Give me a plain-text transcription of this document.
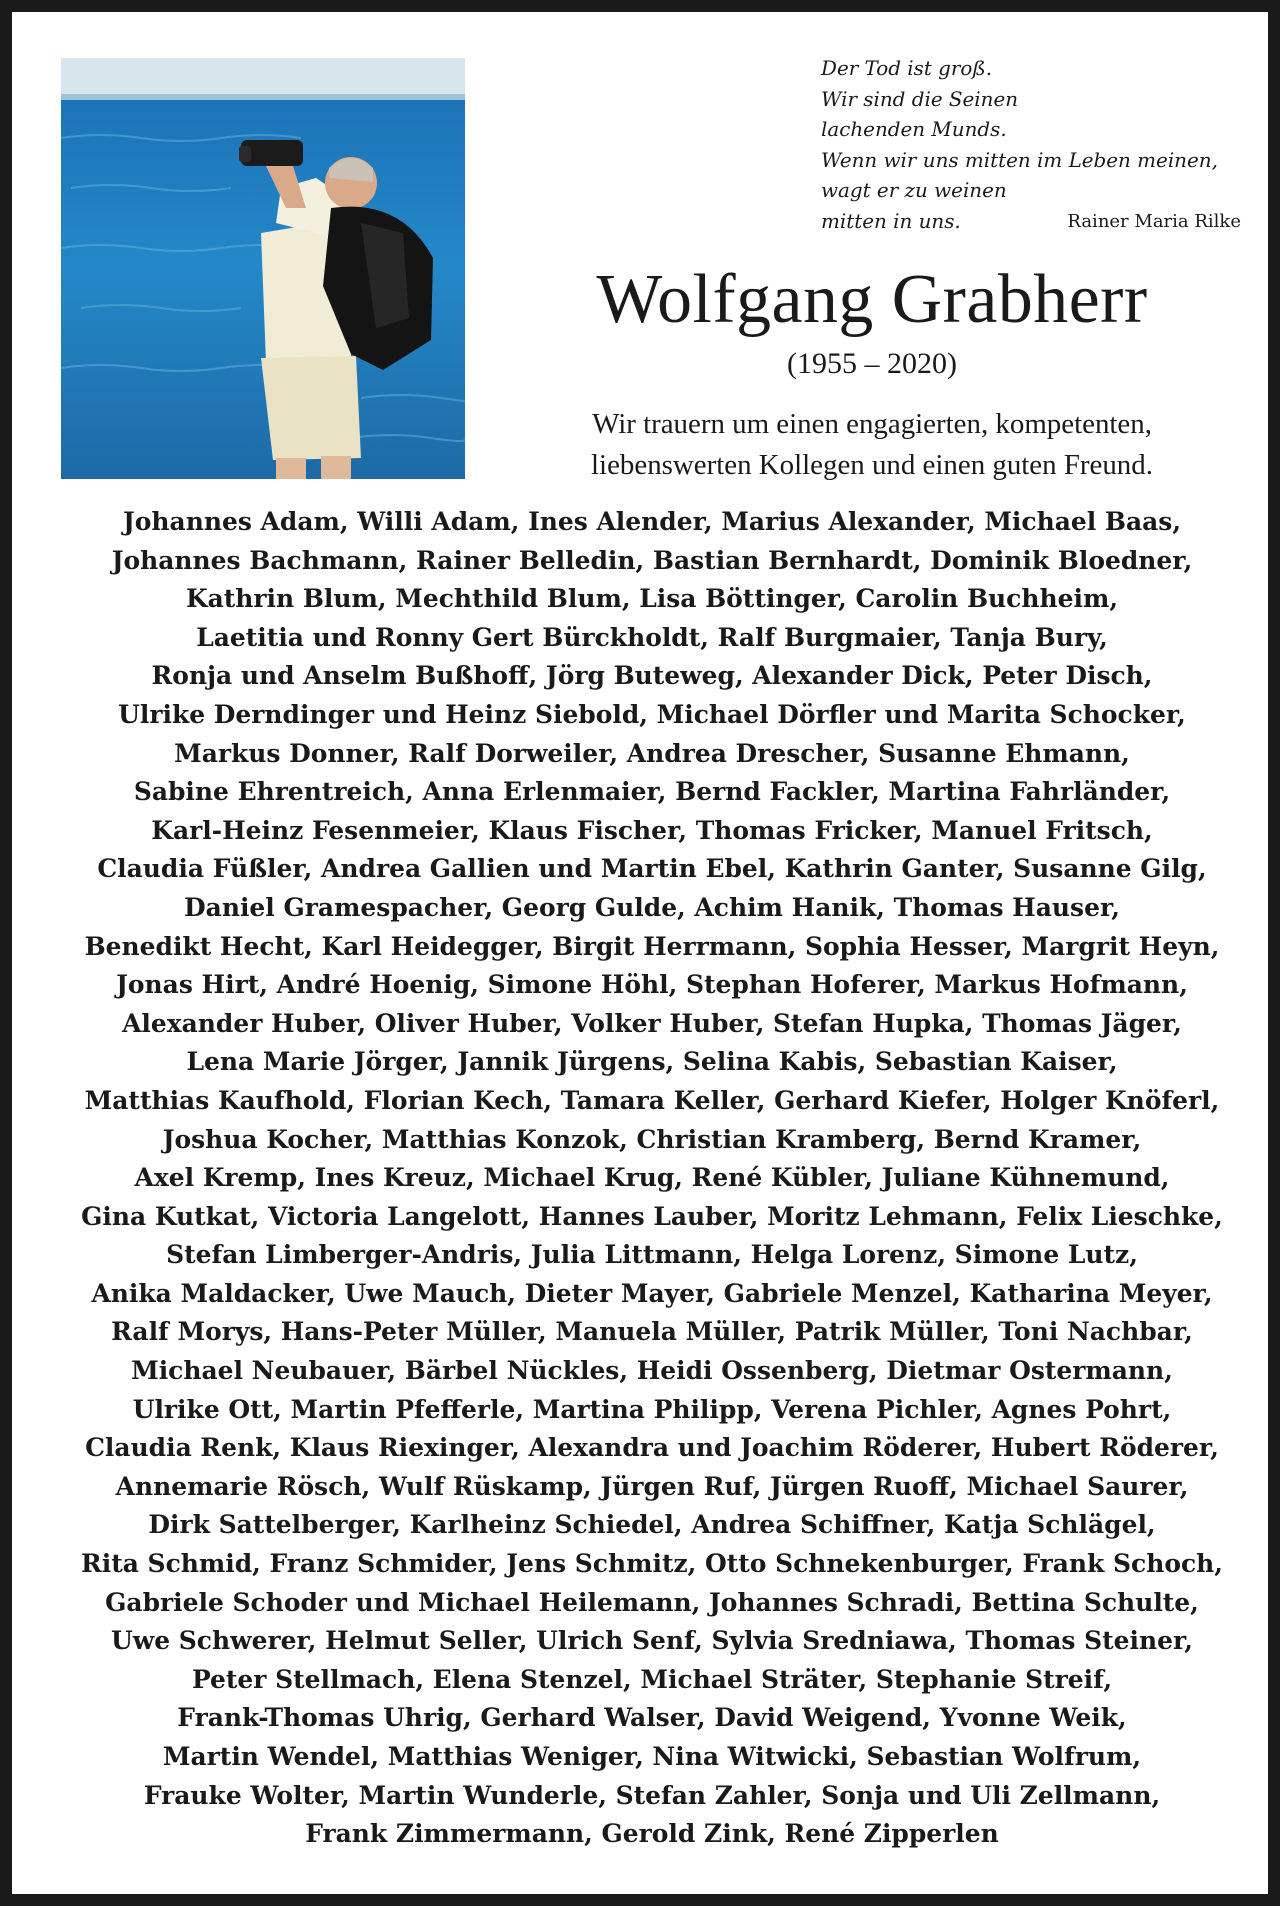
Der Tod ist groß.
Wir sind die Seinen
lachenden Munds.
Wenn wir uns mitten im Leben meinen,
wagt er zu weinen
mitten in uns.	Rainer Maria Rilke
Wolfgang Grabherr
(1955 – 2020)
Wir trauern um einen engagierten, kompetenten,
liebenswerten Kollegen und einen guten Freund.
Johannes Adam, Willi Adam, Ines Alender, Marius Alexander, Michael Baas,
Johannes Bachmann, Rainer Belledin, Bastian Bernhardt, Dominik Bloedner,
Kathrin Blum, Mechthild Blum, Lisa Böttinger, Carolin Buchheim,
Laetitia und Ronny Gert Bürckholdt, Ralf Burgmaier, Tanja Bury,
Ronja und Anselm Bußhoff, Jörg Buteweg, Alexander Dick, Peter Disch,
Ulrike Derndinger und Heinz Siebold, Michael Dörfler und Marita Schocker,
Markus Donner, Ralf Dorweiler, Andrea Drescher, Susanne Ehmann,
Sabine Ehrentreich, Anna Erlenmaier, Bernd Fackler, Martina Fahrländer,
Karl-Heinz Fesenmeier, Klaus Fischer, Thomas Fricker, Manuel Fritsch,
Claudia Füßler, Andrea Gallien und Martin Ebel, Kathrin Ganter, Susanne Gilg,
Daniel Gramespacher, Georg Gulde, Achim Hanik, Thomas Hauser,
Benedikt Hecht, Karl Heidegger, Birgit Herrmann, Sophia Hesser, Margrit Heyn,
Jonas Hirt, André Hoenig, Simone Höhl, Stephan Hoferer, Markus Hofmann,
Alexander Huber, Oliver Huber, Volker Huber, Stefan Hupka, Thomas Jäger,
Lena Marie Jörger, Jannik Jürgens, Selina Kabis, Sebastian Kaiser,
Matthias Kaufhold, Florian Kech, Tamara Keller, Gerhard Kiefer, Holger Knöferl,
Joshua Kocher, Matthias Konzok, Christian Kramberg, Bernd Kramer,
Axel Kremp, Ines Kreuz, Michael Krug, René Kübler, Juliane Kühnemund,
Gina Kutkat, Victoria Langelott, Hannes Lauber, Moritz Lehmann, Felix Lieschke,
Stefan Limberger-Andris, Julia Littmann, Helga Lorenz, Simone Lutz,
Anika Maldacker, Uwe Mauch, Dieter Mayer, Gabriele Menzel, Katharina Meyer,
Ralf Morys, Hans-Peter Müller, Manuela Müller, Patrik Müller, Toni Nachbar,
Michael Neubauer, Bärbel Nückles, Heidi Ossenberg, Dietmar Ostermann,
Ulrike Ott, Martin Pfefferle, Martina Philipp, Verena Pichler, Agnes Pohrt,
Claudia Renk, Klaus Riexinger, Alexandra und Joachim Röderer, Hubert Röderer,
Annemarie Rösch, Wulf Rüskamp, Jürgen Ruf, Jürgen Ruoff, Michael Saurer,
Dirk Sattelberger, Karlheinz Schiedel, Andrea Schiffner, Katja Schlägel,
Rita Schmid, Franz Schmider, Jens Schmitz, Otto Schnekenburger, Frank Schoch,
Gabriele Schoder und Michael Heilemann, Johannes Schradi, Bettina Schulte,
Uwe Schwerer, Helmut Seller, Ulrich Senf, Sylvia Sredniawa, Thomas Steiner,
Peter Stellmach, Elena Stenzel, Michael Sträter, Stephanie Streif,
Frank-Thomas Uhrig, Gerhard Walser, David Weigend, Yvonne Weik,
Martin Wendel, Matthias Weniger, Nina Witwicki, Sebastian Wolfrum,
Frauke Wolter, Martin Wunderle, Stefan Zahler, Sonja und Uli Zellmann,
Frank Zimmermann, Gerold Zink, René Zipperlen
